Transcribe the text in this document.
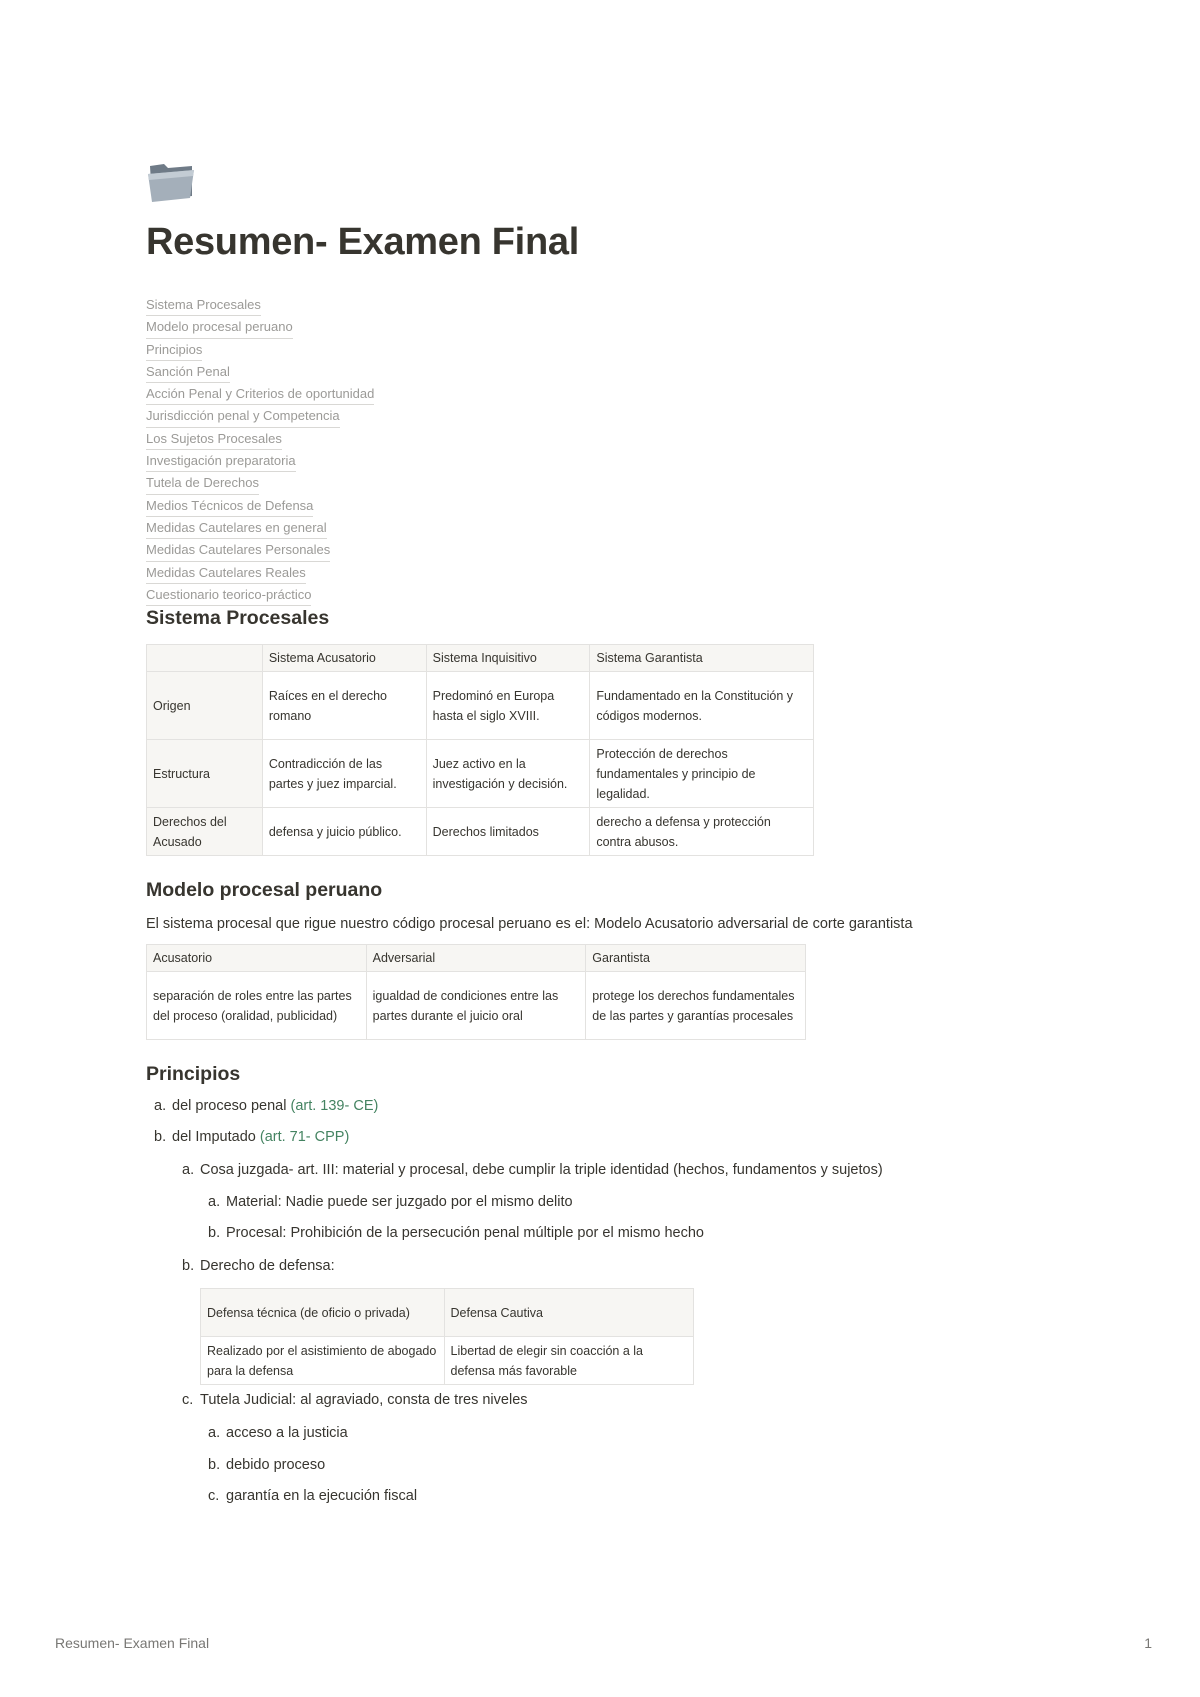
Resumen- Examen Final
Sistema Procesales
Modelo procesal peruano
Principios
Sanción Penal
Acción Penal y Criterios de oportunidad
Jurisdicción penal y Competencia
Los Sujetos Procesales
Investigación preparatoria
Tutela de Derechos
Medios Técnicos de Defensa
Medidas Cautelares en general
Medidas Cautelares Personales
Medidas Cautelares Reales
Cuestionario teorico-práctico
Sistema Procesales
	Sistema Acusatorio	Sistema Inquisitivo	Sistema Garantista
Origen	Raíces en el derecho romano	Predominó en Europa hasta el siglo XVIII.	Fundamentado en la Constitución y códigos modernos.
Estructura	Contradicción de las partes y juez imparcial.	Juez activo en la investigación y decisión.	Protección de derechos fundamentales y principio de legalidad.
Derechos del Acusado	defensa y juicio público.	Derechos limitados	derecho a defensa y protección contra abusos.
Modelo procesal peruano
El sistema procesal que rigue nuestro código procesal peruano es el: Modelo Acusatorio adversarial de corte garantista
Acusatorio	Adversarial	Garantista
separación de roles entre las partes del proceso (oralidad, publicidad)	igualdad de condiciones entre las partes durante el juicio oral	protege los derechos fundamentales de las partes y garantías procesales
Principios
a. del proceso penal (art. 139- CE)
b. del Imputado (art. 71- CPP)
a. Cosa juzgada- art. III: material y procesal, debe cumplir la triple identidad (hechos, fundamentos y sujetos)
a. Material: Nadie puede ser juzgado por el mismo delito
b. Procesal: Prohibición de la persecución penal múltiple por el mismo hecho
b. Derecho de defensa:
Defensa técnica (de oficio o privada)	Defensa Cautiva
Realizado por el asistimiento de abogado para la defensa	Libertad de elegir sin coacción a la defensa más favorable
c. Tutela Judicial: al agraviado, consta de tres niveles
a. acceso a la justicia
b. debido proceso
c. garantía en la ejecución fiscal
Resumen- Examen Final	1
